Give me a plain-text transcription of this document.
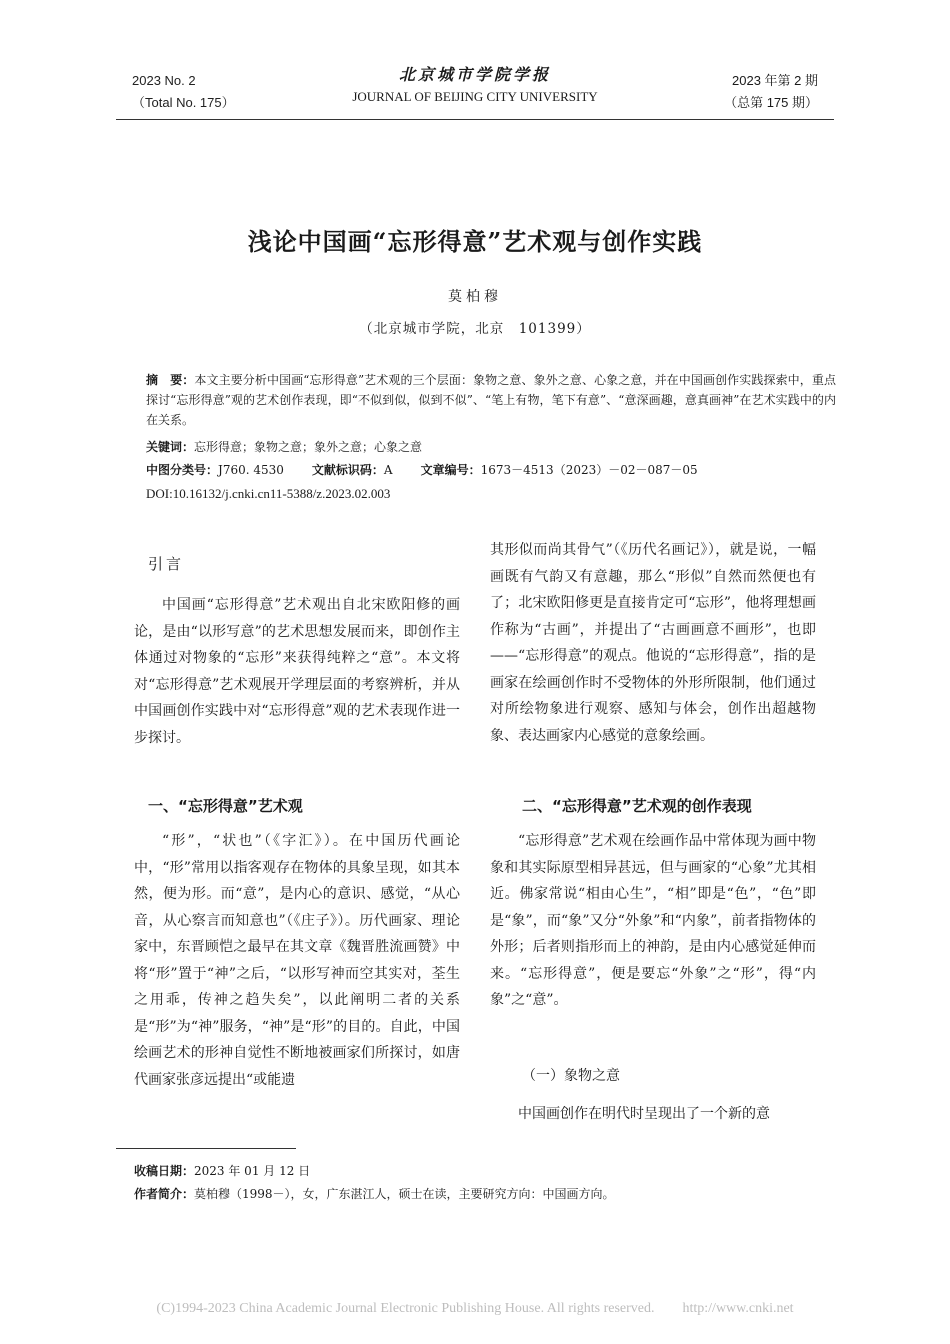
2023 No. 2
（Total No. 175）
北京城市学院学报
JOURNAL OF BEIJING CITY UNIVERSITY
2023 年第 2 期
（总第 175 期）
浅论中国画“忘形得意”艺术观与创作实践
莫柏穆
（北京城市学院，北京　101399）
摘　要：本文主要分析中国画“忘形得意”艺术观的三个层面：象物之意、象外之意、心象之意，并在中国画创作实践探索中，重点探讨“忘形得意”观的艺术创作表现，即“不似到似，似到不似”、“笔上有物，笔下有意”、“意深画趣，意真画神”在艺术实践中的内在关系。
关键词：忘形得意；象物之意；象外之意；心象之意
中图分类号：J760. 4530 文献标识码：A 文章编号：1673－4513（2023）－02－087－05
DOI:10.16132/j.cnki.cn11-5388/z.2023.02.003
引言

中国画“忘形得意”艺术观出自北宋欧阳修的画论，是由“以形写意”的艺术思想发展而来，即创作主体通过对物象的“忘形”来获得纯粹之“意”。本文将对“忘形得意”艺术观展开学理层面的考察辨析，并从中国画创作实践中对“忘形得意”观的艺术表现作进一步探讨。

一、“忘形得意”艺术观

“形”，“状也”（《字汇》）。在中国历代画论中，“形”常用以指客观存在物体的具象呈现，如其本然，便为形。而“意”，是内心的意识、感觉，“从心音，从心察言而知意也”（《庄子》）。历代画家、理论家中，东晋顾恺之最早在其文章《魏晋胜流画赞》中将“形”置于“神”之后，“以形写神而空其实对，荃生之用乖，传神之趋失矣”，以此阐明二者的关系是“形”为“神”服务，“神”是“形”的目的。自此，中国绘画艺术的形神自觉性不断地被画家们所探讨，如唐代画家张彦远提出“或能遗

其形似而尚其骨气”（《历代名画记》），就是说，一幅画既有气韵又有意趣，那么“形似”自然而然便也有了；北宋欧阳修更是直接肯定可“忘形”，他将理想画作称为“古画”，并提出了“古画画意不画形”，也即——“忘形得意”的观点。他说的“忘形得意”，指的是画家在绘画创作时不受物体的外形所限制，他们通过对所绘物象进行观察、感知与体会，创作出超越物象、表达画家内心感觉的意象绘画。

二、“忘形得意”艺术观的创作表现

“忘形得意”艺术观在绘画作品中常体现为画中物象和其实际原型相异甚远，但与画家的“心象”尤其相近。佛家常说“相由心生”，“相”即是“色”，“色”即是“象”，而“象”又分“外象”和“内象”，前者指物体的外形；后者则指形而上的神韵，是由内心感觉延伸而来。“忘形得意”，便是要忘“外象”之“形”，得“内象”之“意”。

（一）象物之意

中国画创作在明代时呈现出了一个新的意

收稿日期：2023 年 01 月 12 日
作者简介：莫柏穆（1998－），女，广东湛江人，硕士在读，主要研究方向：中国画方向。
(C)1994-2023 China Academic Journal Electronic Publishing House. All rights reserved.　　http://www.cnki.net
